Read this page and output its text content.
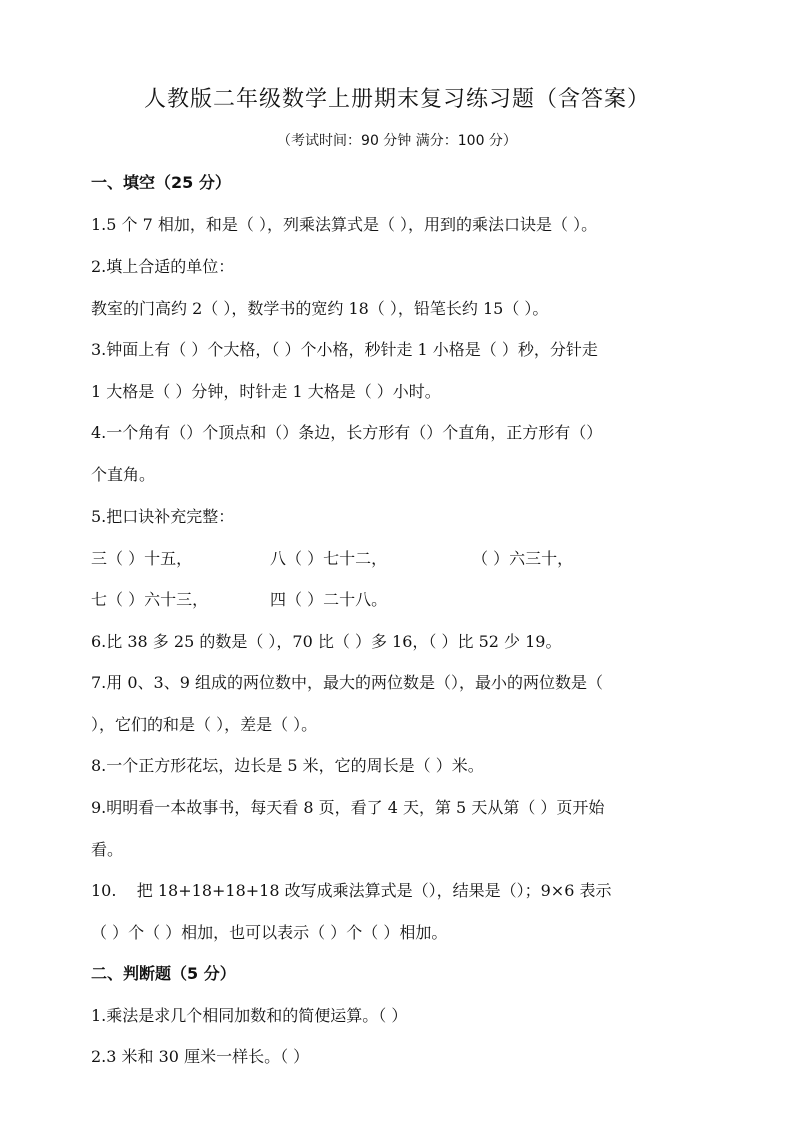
人教版二年级数学上册期末复习练习题（含答案）
（考试时间：90 分钟 满分：100 分）
一、填空（25 分）
1.5 个 7 相加，和是（ ），列乘法算式是（ ），用到的乘法口诀是（ ）。
2.填上合适的单位：
教室的门高约 2（ ），数学书的宽约 18（ ），铅笔长约 15（ ）。
3.钟面上有（ ）个大格，（ ）个小格，秒针走 1 小格是（ ）秒，分针走
1 大格是（ ）分钟，时针走 1 大格是（ ）小时。
4.一个角有（）个顶点和（）条边，长方形有（）个直角，正方形有（）
个直角。
5.把口诀补充完整：
三（ ）十五，	八（ ）七十二，	（ ）六三十，
七（ ）六十三，	四（ ）二十八。
6.比 38 多 25 的数是（ ），70 比（ ）多 16，（ ）比 52 少 19。
7.用 0、3、9 组成的两位数中，最大的两位数是（），最小的两位数是（
），它们的和是（ ），差是（ ）。
8.一个正方形花坛，边长是 5 米，它的周长是（ ）米。
9.明明看一本故事书，每天看 8 页，看了 4 天，第 5 天从第（ ）页开始
看。
10.    把 18+18+18+18 改写成乘法算式是（），结果是（）；9×6 表示
（ ）个（ ）相加，也可以表示（ ）个（ ）相加。
二、判断题（5 分）
1.乘法是求几个相同加数和的简便运算。（ ）
2.3 米和 30 厘米一样长。（ ）
